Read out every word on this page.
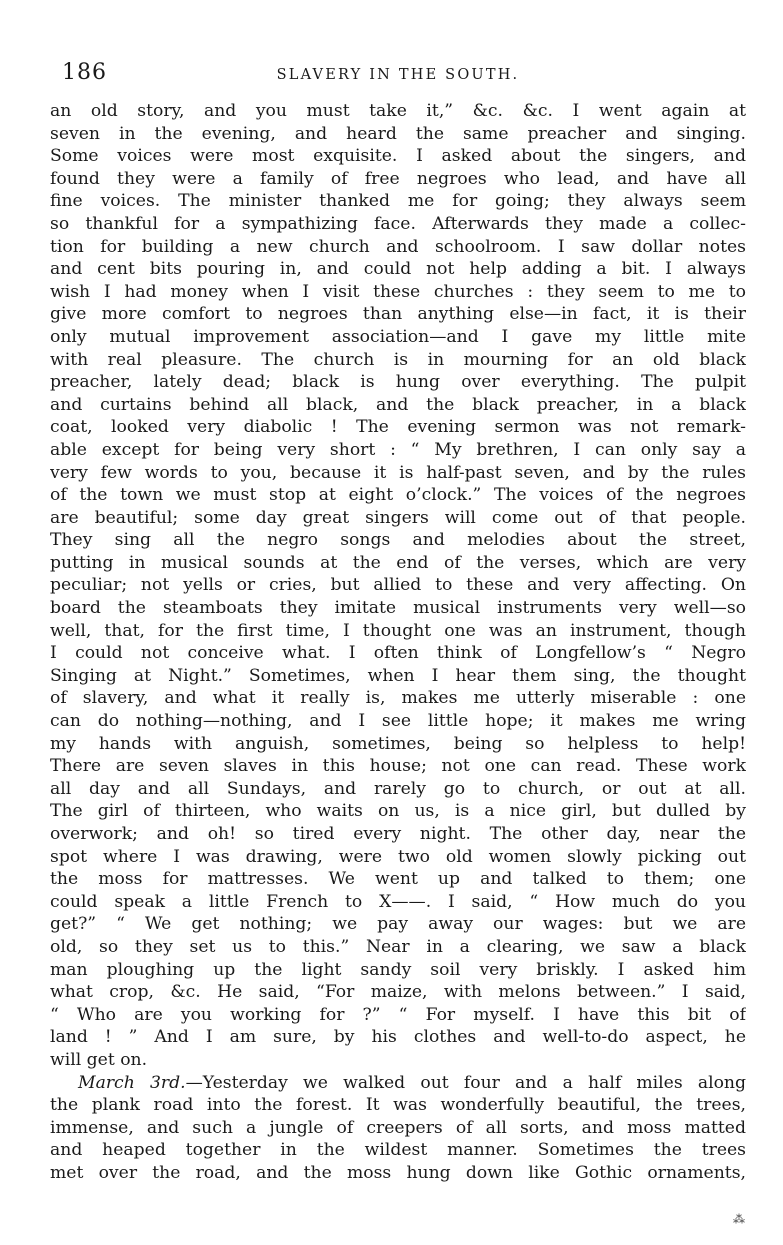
186	SLAVERY IN THE SOUTH.
an old story, and you must take it,” &c. &c. I went again at
seven in the evening, and heard the same preacher and singing.
Some voices were most exquisite. I asked about the singers, and
found they were a family of free negroes who lead, and have all
fine voices. The minister thanked me for going; they always seem
so thankful for a sympathizing face. Afterwards they made a collec-
tion for building a new church and schoolroom. I saw dollar notes
and cent bits pouring in, and could not help adding a bit. I always
wish I had money when I visit these churches : they seem to me to
give more comfort to negroes than anything else—in fact, it is their
only mutual improvement association—and I gave my little mite
with real pleasure. The church is in mourning for an old black
preacher, lately dead; black is hung over everything. The pulpit
and curtains behind all black, and the black preacher, in a black
coat, looked very diabolic ! The evening sermon was not remark-
able except for being very short : “ My brethren, I can only say a
very few words to you, because it is half-past seven, and by the rules
of the town we must stop at eight o’clock.” The voices of the negroes
are beautiful; some day great singers will come out of that people.
They sing all the negro songs and melodies about the street,
putting in musical sounds at the end of the verses, which are very
peculiar; not yells or cries, but allied to these and very affecting. On
board the steamboats they imitate musical instruments very well—so
well, that, for the first time, I thought one was an instrument, though
I could not conceive what. I often think of Longfellow’s “ Negro
Singing at Night.” Sometimes, when I hear them sing, the thought
of slavery, and what it really is, makes me utterly miserable : one
can do nothing—nothing, and I see little hope; it makes me wring
my hands with anguish, sometimes, being so helpless to help!
There are seven slaves in this house; not one can read. These work
all day and all Sundays, and rarely go to church, or out at all.
The girl of thirteen, who waits on us, is a nice girl, but dulled by
overwork; and oh! so tired every night. The other day, near the
spot where I was drawing, were two old women slowly picking out
the moss for mattresses. We went up and talked to them; one
could speak a little French to X——. I said, “ How much do you
get?” “ We get nothing; we pay away our wages: but we are
old, so they set us to this.” Near in a clearing, we saw a black
man ploughing up the light sandy soil very briskly. I asked him
what crop, &c. He said, “For maize, with melons between.” I said,
“ Who are you working for ?” “ For myself. I have this bit of
land ! ” And I am sure, by his clothes and well-to-do aspect, he
will get on.
March 3rd.—Yesterday we walked out four and a half miles along
the plank road into the forest. It was wonderfully beautiful, the trees,
immense, and such a jungle of creepers of all sorts, and moss matted
and heaped together in the wildest manner. Sometimes the trees
met over the road, and the moss hung down like Gothic ornaments,
⁂
